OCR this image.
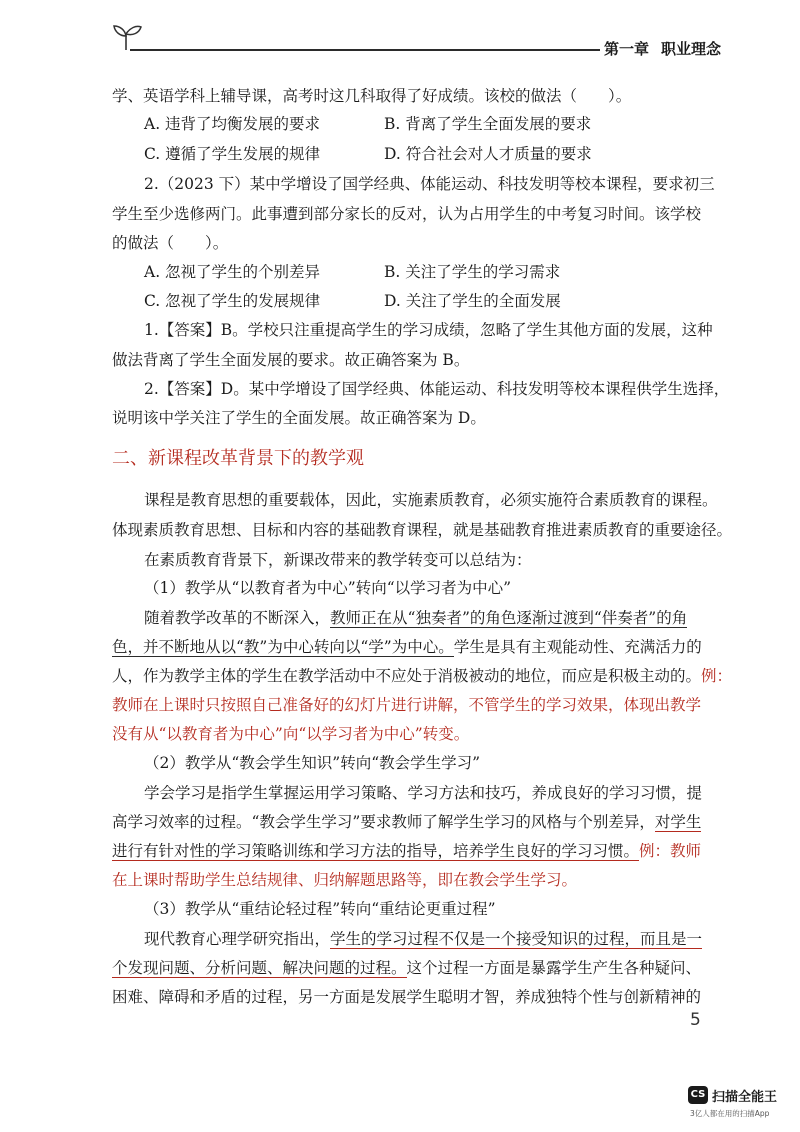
第一章 职业理念
学、英语学科上辅导课，高考时这几科取得了好成绩。该校的做法（　　）。
A. 违背了均衡发展的要求	B. 背离了学生全面发展的要求
C. 遵循了学生发展的规律	D. 符合社会对人才质量的要求
2.（2023 下）某中学增设了国学经典、体能运动、科技发明等校本课程，要求初三
学生至少选修两门。此事遭到部分家长的反对，认为占用学生的中考复习时间。该学校
的做法（　　）。
A. 忽视了学生的个别差异	B. 关注了学生的学习需求
C. 忽视了学生的发展规律	D. 关注了学生的全面发展
1.【答案】B。学校只注重提高学生的学习成绩，忽略了学生其他方面的发展，这种
做法背离了学生全面发展的要求。故正确答案为 B。
2.【答案】D。某中学增设了国学经典、体能运动、科技发明等校本课程供学生选择，
说明该中学关注了学生的全面发展。故正确答案为 D。
二、新课程改革背景下的教学观
课程是教育思想的重要载体，因此，实施素质教育，必须实施符合素质教育的课程。
体现素质教育思想、目标和内容的基础教育课程，就是基础教育推进素质教育的重要途径。
在素质教育背景下，新课改带来的教学转变可以总结为：
（1）教学从“以教育者为中心”转向“以学习者为中心”
随着教学改革的不断深入，教师正在从“独奏者”的角色逐渐过渡到“伴奏者”的角
色，并不断地从以“教”为中心转向以“学”为中心。学生是具有主观能动性、充满活力的
人，作为教学主体的学生在教学活动中不应处于消极被动的地位，而应是积极主动的。例：
教师在上课时只按照自己准备好的幻灯片进行讲解，不管学生的学习效果，体现出教学
没有从“以教育者为中心”向“以学习者为中心”转变。
（2）教学从“教会学生知识”转向“教会学生学习”
学会学习是指学生掌握运用学习策略、学习方法和技巧，养成良好的学习习惯，提
高学习效率的过程。“教会学生学习”要求教师了解学生学习的风格与个别差异，对学生
进行有针对性的学习策略训练和学习方法的指导，培养学生良好的学习习惯。例：教师
在上课时帮助学生总结规律、归纳解题思路等，即在教会学生学习。
（3）教学从“重结论轻过程”转向“重结论更重过程”
现代教育心理学研究指出，学生的学习过程不仅是一个接受知识的过程，而且是一
个发现问题、分析问题、解决问题的过程。这个过程一方面是暴露学生产生各种疑问、
困难、障碍和矛盾的过程，另一方面是发展学生聪明才智，养成独特个性与创新精神的
5
CS 扫描全能王
3亿人都在用的扫描App
